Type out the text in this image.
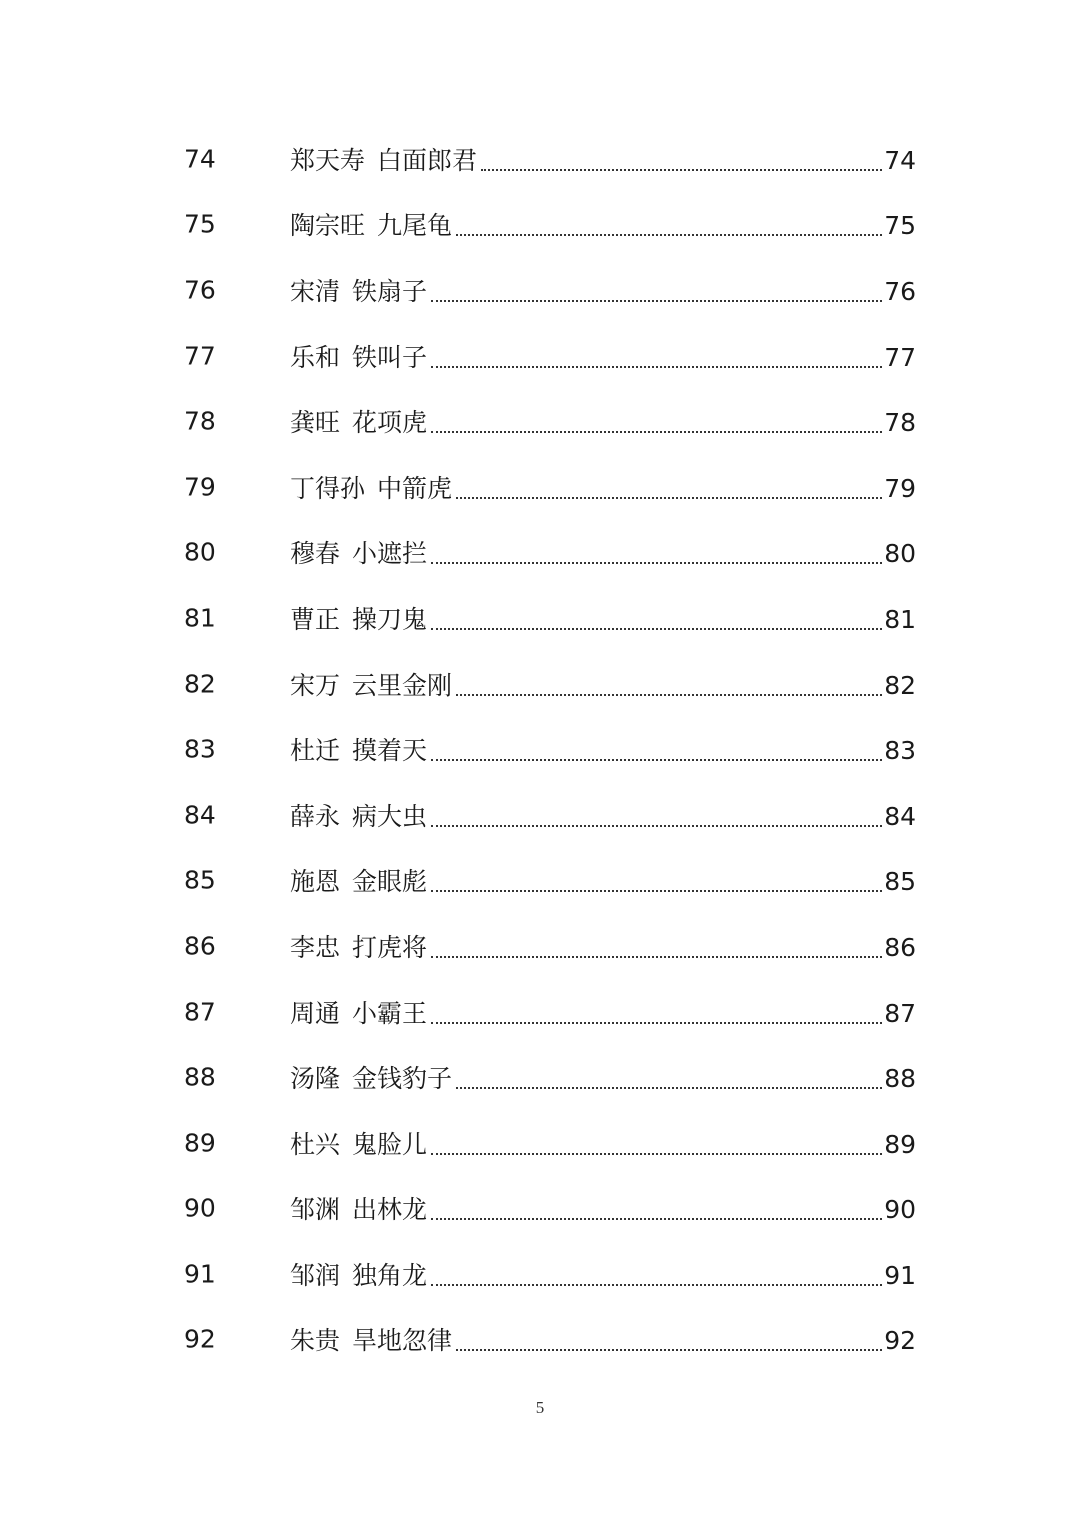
74	郑天寿 白面郎君	74
75	陶宗旺 九尾龟	75
76	宋清 铁扇子	76
77	乐和 铁叫子	77
78	龚旺 花项虎	78
79	丁得孙 中箭虎	79
80	穆春 小遮拦	80
81	曹正 操刀鬼	81
82	宋万 云里金刚	82
83	杜迁 摸着天	83
84	薛永 病大虫	84
85	施恩 金眼彪	85
86	李忠 打虎将	86
87	周通 小霸王	87
88	汤隆 金钱豹子	88
89	杜兴 鬼脸儿	89
90	邹渊 出林龙	90
91	邹润 独角龙	91
92	朱贵 旱地忽律	92
5
